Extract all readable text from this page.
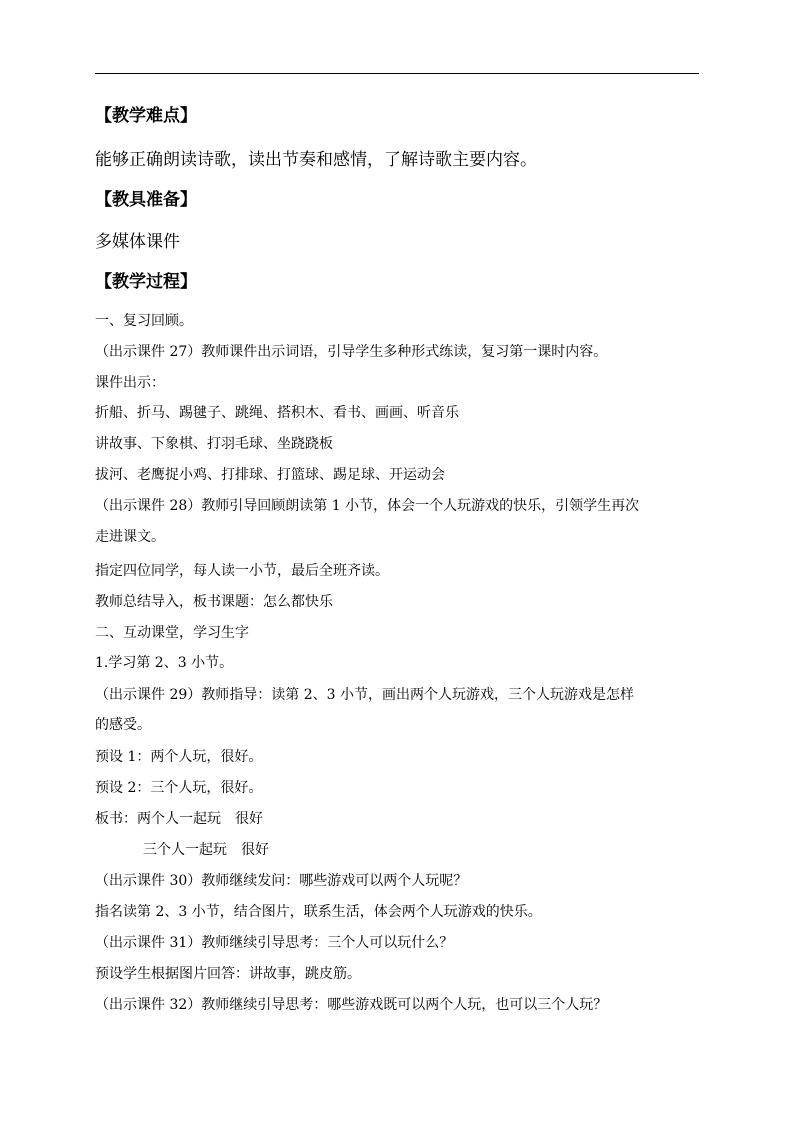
【教学难点】
能够正确朗读诗歌，读出节奏和感情，了解诗歌主要内容。
【教具准备】
多媒体课件
【教学过程】
一、复习回顾。
（出示课件 27）教师课件出示词语，引导学生多种形式练读，复习第一课时内容。
课件出示：
折船、折马、踢毽子、跳绳、搭积木、看书、画画、听音乐
讲故事、下象棋、打羽毛球、坐跷跷板
拔河、老鹰捉小鸡、打排球、打篮球、踢足球、开运动会
（出示课件 28）教师引导回顾朗读第 1 小节，体会一个人玩游戏的快乐，引领学生再次
走进课文。
指定四位同学，每人读一小节，最后全班齐读。
教师总结导入，板书课题：怎么都快乐
二、互动课堂，学习生字
1.学习第 2、3 小节。
（出示课件 29）教师指导：读第 2、3 小节，画出两个人玩游戏，三个人玩游戏是怎样
的感受。
预设 1：两个人玩，很好。
预设 2：三个人玩，很好。
板书：两个人一起玩　很好
三个人一起玩　很好
（出示课件 30）教师继续发问：哪些游戏可以两个人玩呢？
指名读第 2、3 小节，结合图片，联系生活，体会两个人玩游戏的快乐。
（出示课件 31）教师继续引导思考：三个人可以玩什么？
预设学生根据图片回答：讲故事，跳皮筋。
（出示课件 32）教师继续引导思考：哪些游戏既可以两个人玩，也可以三个人玩？
